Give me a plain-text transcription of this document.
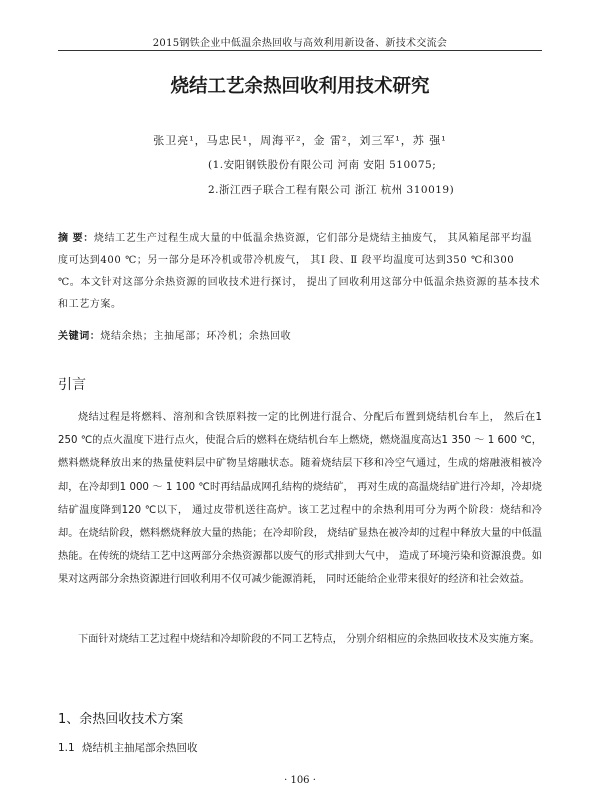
2015钢铁企业中低温余热回收与高效利用新设备、新技术交流会
烧结工艺余热回收利用技术研究
张卫亮¹，马忠民¹，周海平²，金 雷²，刘三军¹，苏 强¹
(1.安阳钢铁股份有限公司 河南 安阳 510075;
2.浙江西子联合工程有限公司 浙江 杭州 310019)
摘 要：烧结工艺生产过程生成大量的中低温余热资源，它们部分是烧结主抽废气， 其风箱尾部平均温度可达到400 ℃；另一部分是环冷机或带冷机废气， 其Ⅰ 段、Ⅱ 段平均温度可达到350 ℃和300 ℃。本文针对这部分余热资源的回收技术进行探讨， 提出了回收利用这部分中低温余热资源的基本技术和工艺方案。
关键词：烧结余热；主抽尾部；环冷机；余热回收
引言
烧结过程是将燃料、溶剂和含铁原料按一定的比例进行混合、分配后布置到烧结机台车上， 然后在1 250 ℃的点火温度下进行点火，使混合后的燃料在烧结机台车上燃烧，燃烧温度高达1 350 ～ 1 600 ℃，燃料燃烧释放出来的热量使料层中矿物呈熔融状态。随着烧结层下移和冷空气通过，生成的熔融液相被冷却，在冷却到1 000 ～ 1 100 ℃时再结晶成网孔结构的烧结矿， 再对生成的高温烧结矿进行冷却，冷却烧结矿温度降到120 ℃以下， 通过皮带机送往高炉。该工艺过程中的余热利用可分为两个阶段：烧结和冷却。在烧结阶段，燃料燃烧释放大量的热能；在冷却阶段， 烧结矿显热在被冷却的过程中释放大量的中低温热能。在传统的烧结工艺中这两部分余热资源都以废气的形式排到大气中， 造成了环境污染和资源浪费。如果对这两部分余热资源进行回收利用不仅可减少能源消耗， 同时还能给企业带来很好的经济和社会效益。
下面针对烧结工艺过程中烧结和冷却阶段的不同工艺特点， 分别介绍相应的余热回收技术及实施方案。
1、余热回收技术方案
1.1 烧结机主抽尾部余热回收
· 106 ·
